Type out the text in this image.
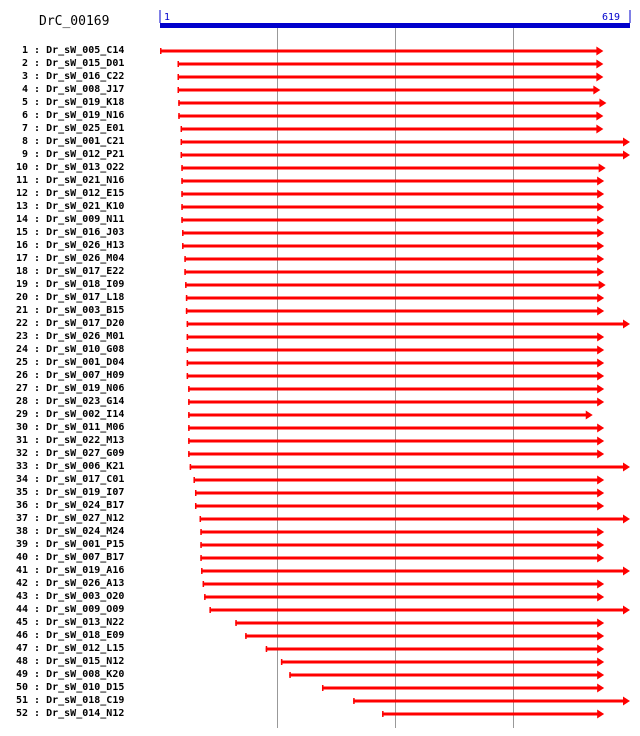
DrC_00169	1	619
1 : Dr_sW_005_C14
2 : Dr_sW_015_D01
3 : Dr_sW_016_C22
4 : Dr_sW_008_J17
5 : Dr_sW_019_K18
6 : Dr_sW_019_N16
7 : Dr_sW_025_E01
8 : Dr_sW_001_C21
9 : Dr_sW_012_P21
10 : Dr_sW_013_O22
11 : Dr_sW_021_N16
12 : Dr_sW_012_E15
13 : Dr_sW_021_K10
14 : Dr_sW_009_N11
15 : Dr_sW_016_J03
16 : Dr_sW_026_H13
17 : Dr_sW_026_M04
18 : Dr_sW_017_E22
19 : Dr_sW_018_I09
20 : Dr_sW_017_L18
21 : Dr_sW_003_B15
22 : Dr_sW_017_D20
23 : Dr_sW_026_M01
24 : Dr_sW_010_G08
25 : Dr_sW_001_D04
26 : Dr_sW_007_H09
27 : Dr_sW_019_N06
28 : Dr_sW_023_G14
29 : Dr_sW_002_I14
30 : Dr_sW_011_M06
31 : Dr_sW_022_M13
32 : Dr_sW_027_G09
33 : Dr_sW_006_K21
34 : Dr_sW_017_C01
35 : Dr_sW_019_I07
36 : Dr_sW_024_B17
37 : Dr_sW_027_N12
38 : Dr_sW_024_M24
39 : Dr_sW_001_P15
40 : Dr_sW_007_B17
41 : Dr_sW_019_A16
42 : Dr_sW_026_A13
43 : Dr_sW_003_O20
44 : Dr_sW_009_O09
45 : Dr_sW_013_N22
46 : Dr_sW_018_E09
47 : Dr_sW_012_L15
48 : Dr_sW_015_N12
49 : Dr_sW_008_K20
50 : Dr_sW_010_D15
51 : Dr_sW_018_C19
52 : Dr_sW_014_N12
